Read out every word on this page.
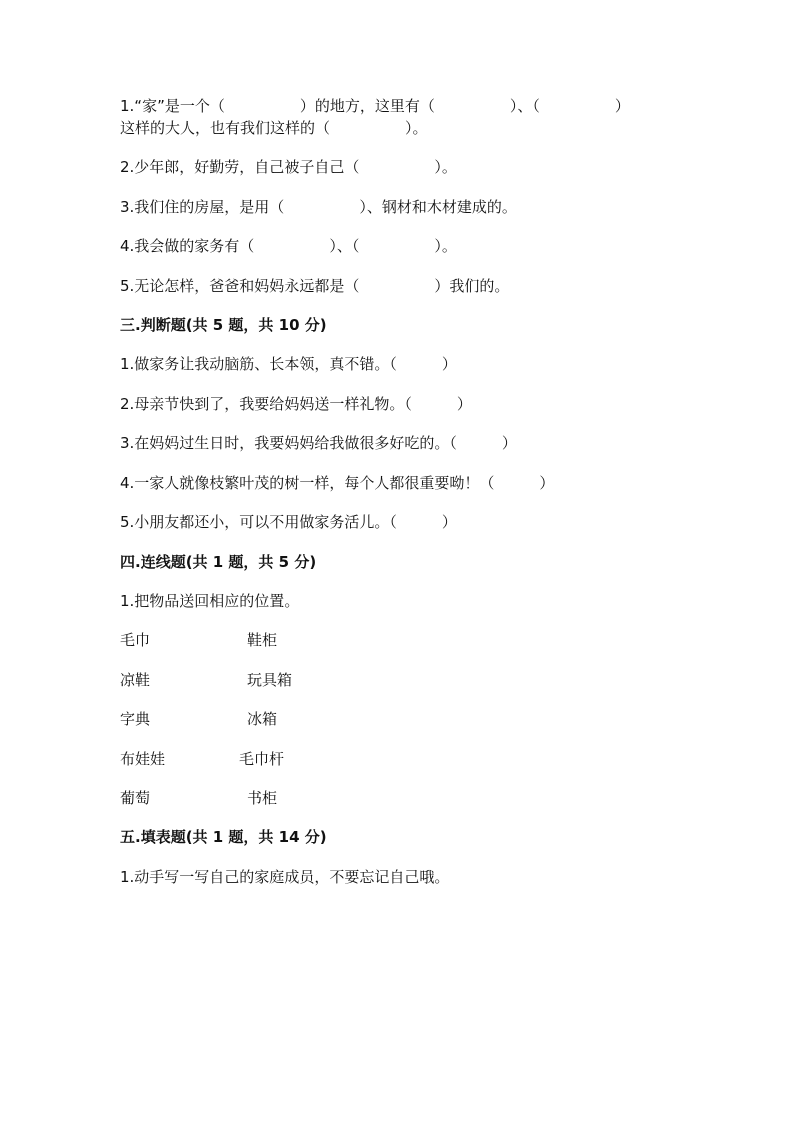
1.“家”是一个（　　　　　）的地方，这里有（　　　　　）、（　　　　　）
这样的大人，也有我们这样的（　　　　　）。
2.少年郎，好勤劳，自己被子自己（　　　　　）。
3.我们住的房屋，是用（　　　　　）、钢材和木材建成的。
4.我会做的家务有（　　　　　）、（　　　　　）。
5.无论怎样，爸爸和妈妈永远都是（　　　　　）我们的。
三.判断题(共 5 题，共 10 分)
1.做家务让我动脑筋、长本领，真不错。（　　　）
2.母亲节快到了，我要给妈妈送一样礼物。（　　　）
3.在妈妈过生日时，我要妈妈给我做很多好吃的。（　　　）
4.一家人就像枝繁叶茂的树一样，每个人都很重要呦！（　　　）
5.小朋友都还小，可以不用做家务活儿。（　　　）
四.连线题(共 1 题，共 5 分)
1.把物品送回相应的位置。
毛巾	鞋柜
凉鞋	玩具箱
字典	冰箱
布娃娃	毛巾杆
葡萄	书柜
五.填表题(共 1 题，共 14 分)
1.动手写一写自己的家庭成员，不要忘记自己哦。
